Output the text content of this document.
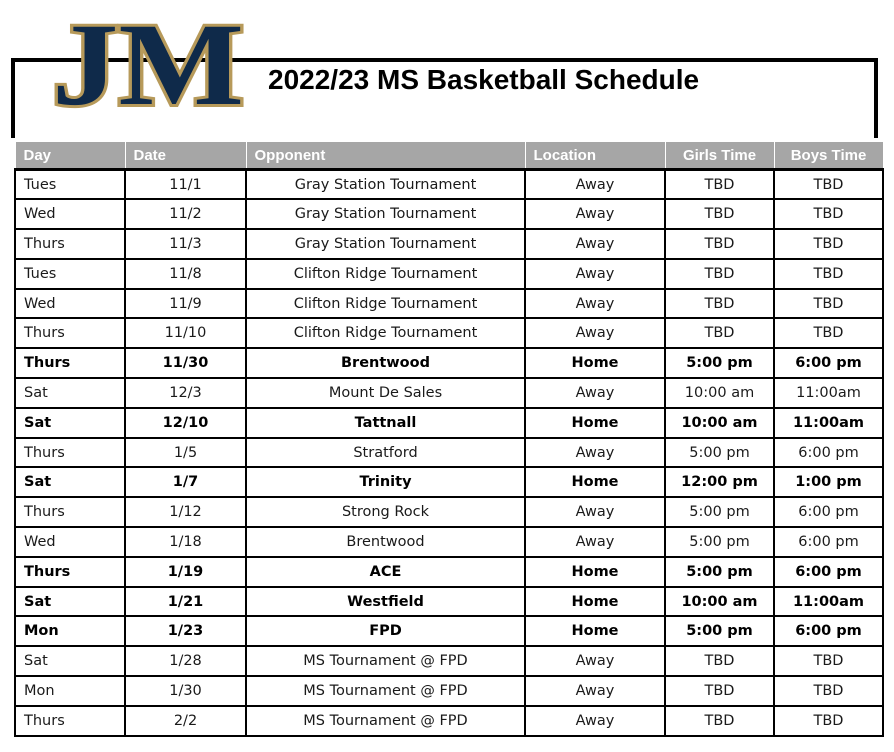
JM 2022/23 MS Basketball Schedule
Day	Date	Opponent	Location	Girls Time	Boys Time
Tues	11/1	Gray Station Tournament	Away	TBD	TBD
Wed	11/2	Gray Station Tournament	Away	TBD	TBD
Thurs	11/3	Gray Station Tournament	Away	TBD	TBD
Tues	11/8	Clifton Ridge Tournament	Away	TBD	TBD
Wed	11/9	Clifton Ridge Tournament	Away	TBD	TBD
Thurs	11/10	Clifton Ridge Tournament	Away	TBD	TBD
Thurs	11/30	Brentwood	Home	5:00 pm	6:00 pm
Sat	12/3	Mount De Sales	Away	10:00 am	11:00am
Sat	12/10	Tattnall	Home	10:00 am	11:00am
Thurs	1/5	Stratford	Away	5:00 pm	6:00 pm
Sat	1/7	Trinity	Home	12:00 pm	1:00 pm
Thurs	1/12	Strong Rock	Away	5:00 pm	6:00 pm
Wed	1/18	Brentwood	Away	5:00 pm	6:00 pm
Thurs	1/19	ACE	Home	5:00 pm	6:00 pm
Sat	1/21	Westfield	Home	10:00 am	11:00am
Mon	1/23	FPD	Home	5:00 pm	6:00 pm
Sat	1/28	MS Tournament @ FPD	Away	TBD	TBD
Mon	1/30	MS Tournament @ FPD	Away	TBD	TBD
Thurs	2/2	MS Tournament @ FPD	Away	TBD	TBD
